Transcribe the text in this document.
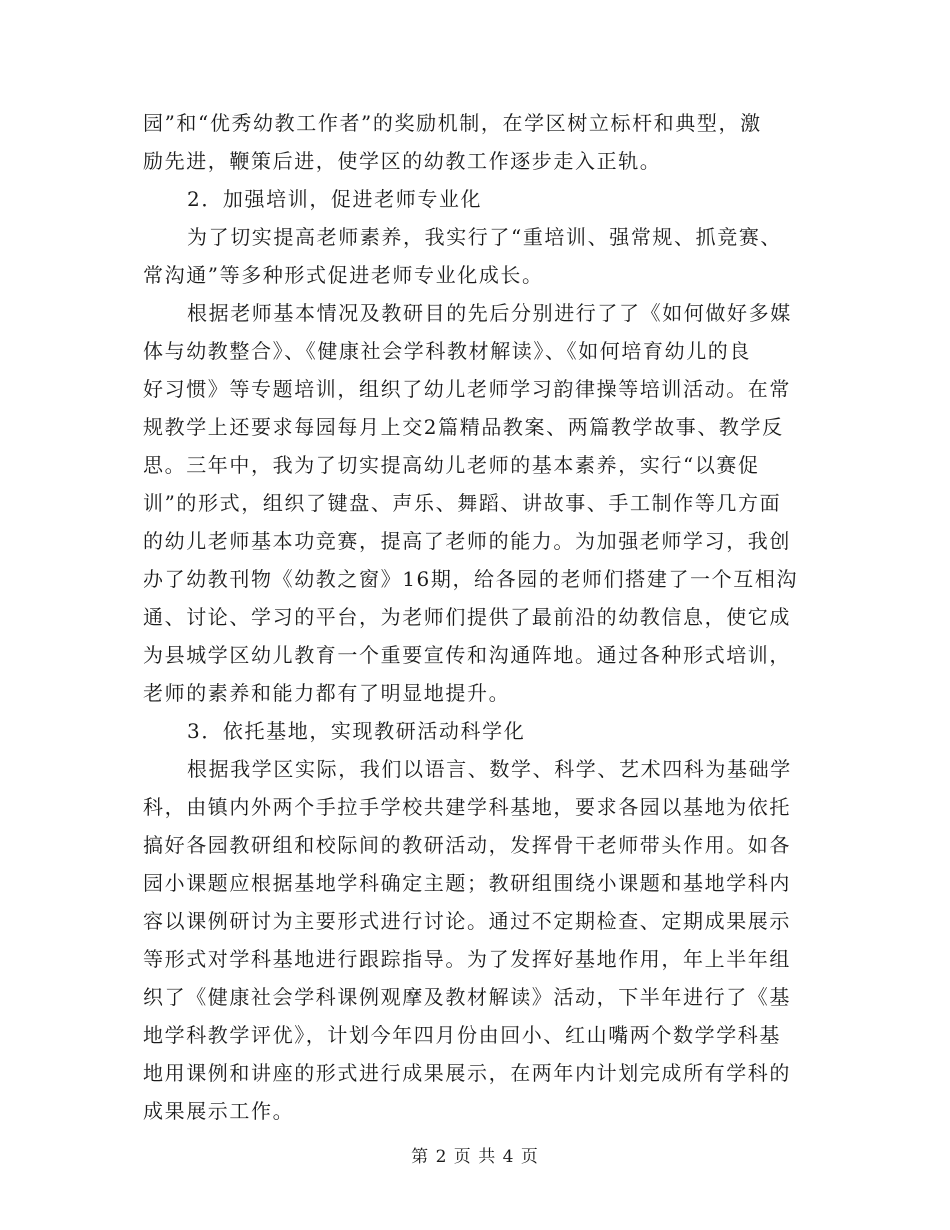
园”和“优秀幼教工作者”的奖励机制，在学区树立标杆和典型，激
励先进，鞭策后进，使学区的幼教工作逐步走入正轨。
2．加强培训，促进老师专业化
为了切实提高老师素养，我实行了“重培训、强常规、抓竞赛、
常沟通”等多种形式促进老师专业化成长。
根据老师基本情况及教研目的先后分别进行了了《如何做好多媒
体与幼教整合》、《健康社会学科教材解读》、《如何培育幼儿的良
好习惯》等专题培训，组织了幼儿老师学习韵律操等培训活动。在常
规教学上还要求每园每月上交2篇精品教案、两篇教学故事、教学反
思。三年中，我为了切实提高幼儿老师的基本素养，实行“以赛促
训”的形式，组织了键盘、声乐、舞蹈、讲故事、手工制作等几方面
的幼儿老师基本功竞赛，提高了老师的能力。为加强老师学习，我创
办了幼教刊物《幼教之窗》16期，给各园的老师们搭建了一个互相沟
通、讨论、学习的平台，为老师们提供了最前沿的幼教信息，使它成
为县城学区幼儿教育一个重要宣传和沟通阵地。通过各种形式培训，
老师的素养和能力都有了明显地提升。
3．依托基地，实现教研活动科学化
根据我学区实际，我们以语言、数学、科学、艺术四科为基础学
科，由镇内外两个手拉手学校共建学科基地，要求各园以基地为依托
搞好各园教研组和校际间的教研活动，发挥骨干老师带头作用。如各
园小课题应根据基地学科确定主题；教研组围绕小课题和基地学科内
容以课例研讨为主要形式进行讨论。通过不定期检查、定期成果展示
等形式对学科基地进行跟踪指导。为了发挥好基地作用，年上半年组
织了《健康社会学科课例观摩及教材解读》活动，下半年进行了《基
地学科教学评优》，计划今年四月份由回小、红山嘴两个数学学科基
地用课例和讲座的形式进行成果展示，在两年内计划完成所有学科的
成果展示工作。
第 2 页 共 4 页
